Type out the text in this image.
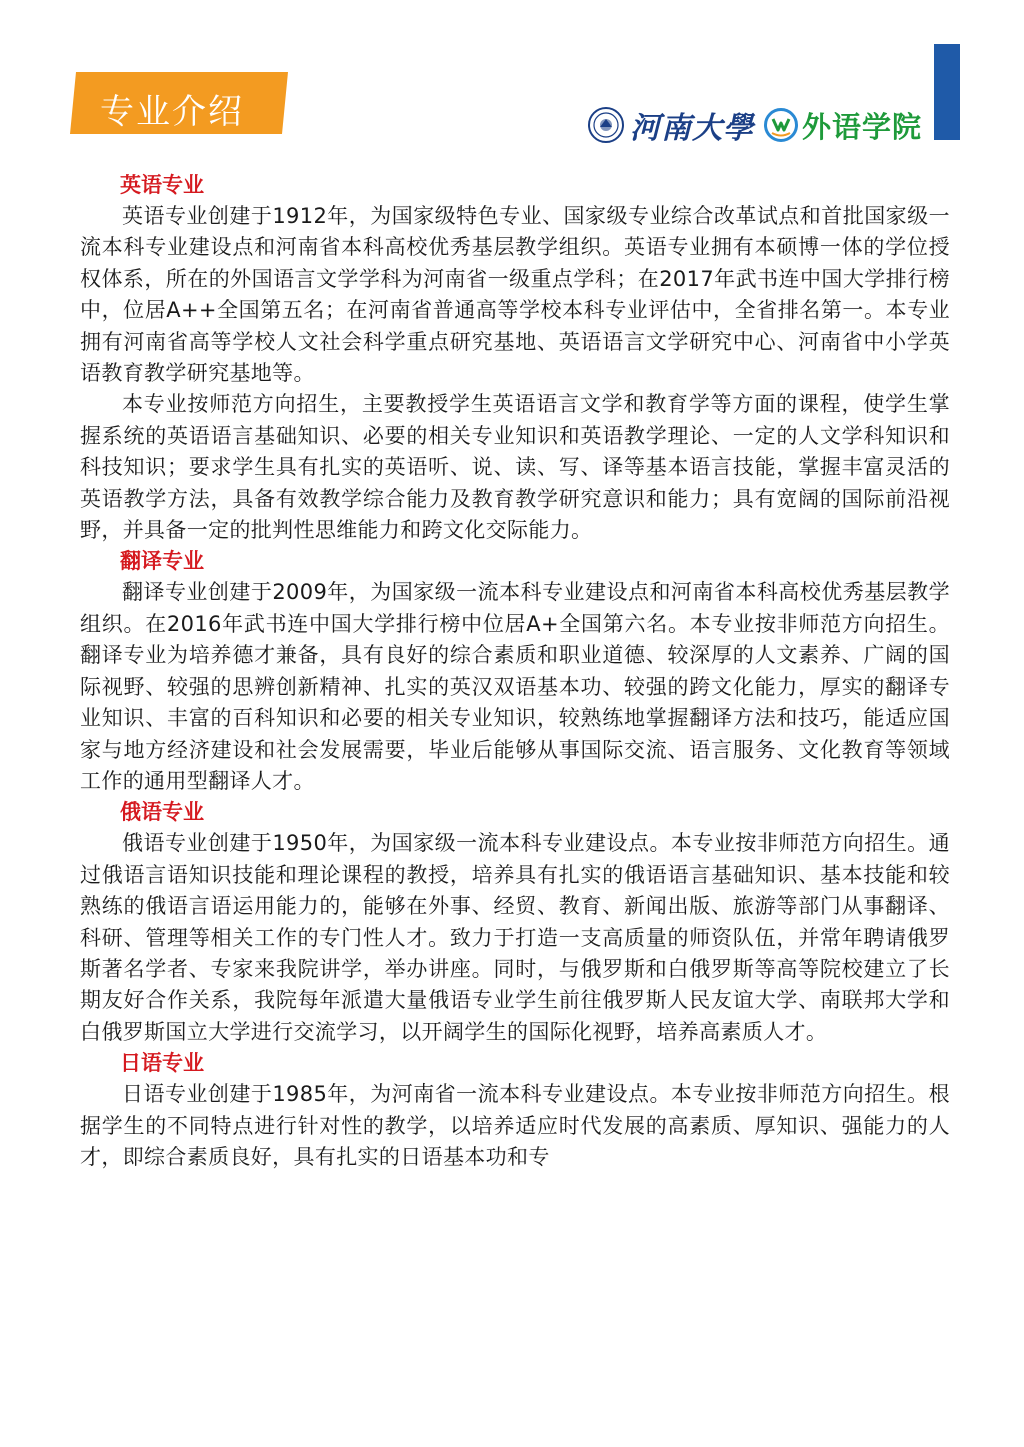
专业介绍	河南大學 外语学院
英语专业

英语专业创建于1912年，为国家级特色专业、国家级专业综合改革试点和首批国家级一流本科专业建设点和河南省本科高校优秀基层教学组织。英语专业拥有本硕博一体的学位授权体系，所在的外国语言文学学科为河南省一级重点学科；在2017年武书连中国大学排行榜中，位居A++全国第五名；在河南省普通高等学校本科专业评估中，全省排名第一。本专业拥有河南省高等学校人文社会科学重点研究基地、英语语言文学研究中心、河南省中小学英语教育教学研究基地等。

本专业按师范方向招生，主要教授学生英语语言文学和教育学等方面的课程，使学生掌握系统的英语语言基础知识、必要的相关专业知识和英语教学理论、一定的人文学科知识和科技知识；要求学生具有扎实的英语听、说、读、写、译等基本语言技能，掌握丰富灵活的英语教学方法，具备有效教学综合能力及教育教学研究意识和能力；具有宽阔的国际前沿视野，并具备一定的批判性思维能力和跨文化交际能力。

翻译专业

翻译专业创建于2009年，为国家级一流本科专业建设点和河南省本科高校优秀基层教学组织。在2016年武书连中国大学排行榜中位居A+全国第六名。本专业按非师范方向招生。翻译专业为培养德才兼备，具有良好的综合素质和职业道德、较深厚的人文素养、广阔的国际视野、较强的思辨创新精神、扎实的英汉双语基本功、较强的跨文化能力，厚实的翻译专业知识、丰富的百科知识和必要的相关专业知识，较熟练地掌握翻译方法和技巧，能适应国家与地方经济建设和社会发展需要，毕业后能够从事国际交流、语言服务、文化教育等领域工作的通用型翻译人才。

俄语专业

俄语专业创建于1950年，为国家级一流本科专业建设点。本专业按非师范方向招生。通过俄语言语知识技能和理论课程的教授，培养具有扎实的俄语语言基础知识、基本技能和较熟练的俄语言语运用能力的，能够在外事、经贸、教育、新闻出版、旅游等部门从事翻译、科研、管理等相关工作的专门性人才。致力于打造一支高质量的师资队伍，并常年聘请俄罗斯著名学者、专家来我院讲学，举办讲座。同时，与俄罗斯和白俄罗斯等高等院校建立了长期友好合作关系，我院每年派遣大量俄语专业学生前往俄罗斯人民友谊大学、南联邦大学和白俄罗斯国立大学进行交流学习，以开阔学生的国际化视野，培养高素质人才。

日语专业

日语专业创建于1985年，为河南省一流本科专业建设点。本专业按非师范方向招生。根据学生的不同特点进行针对性的教学，以培养适应时代发展的高素质、厚知识、强能力的人才，即综合素质良好，具有扎实的日语基本功和专
